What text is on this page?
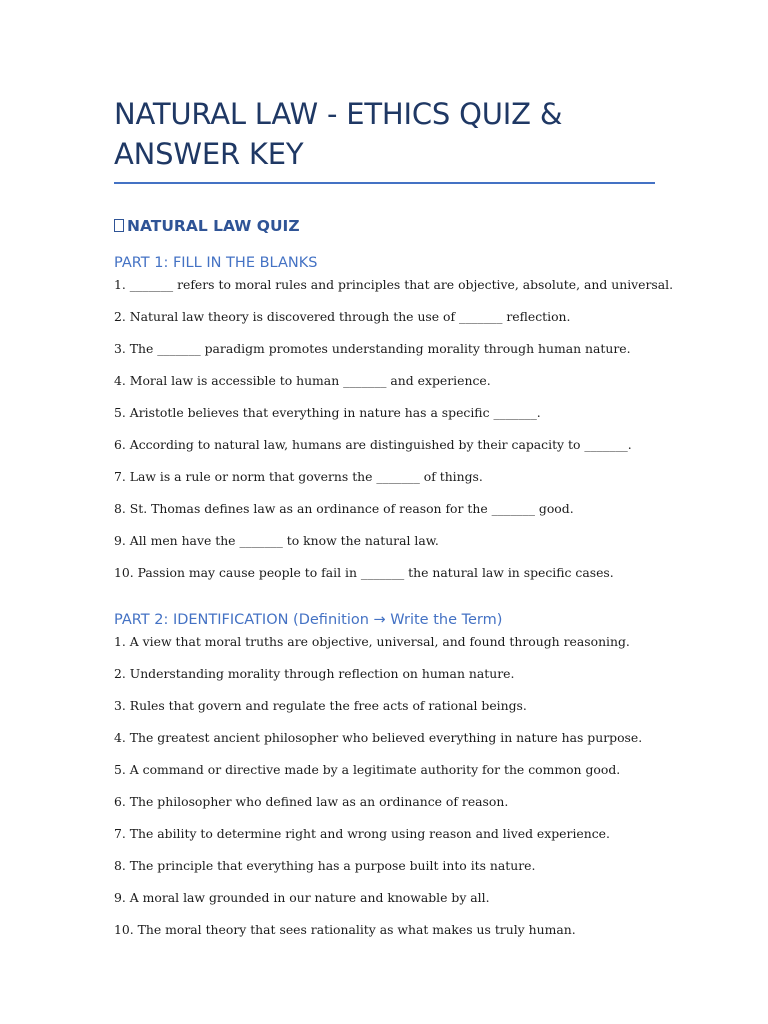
NATURAL LAW - ETHICS QUIZ &
ANSWER KEY
NATURAL LAW QUIZ
PART 1: FILL IN THE BLANKS

1. _______ refers to moral rules and principles that are objective, absolute, and universal.

2. Natural law theory is discovered through the use of _______ reflection.

3. The _______ paradigm promotes understanding morality through human nature.

4. Moral law is accessible to human _______ and experience.

5. Aristotle believes that everything in nature has a specific _______.

6. According to natural law, humans are distinguished by their capacity to _______.

7. Law is a rule or norm that governs the _______ of things.

8. St. Thomas defines law as an ordinance of reason for the _______ good.

9. All men have the _______ to know the natural law.

10. Passion may cause people to fail in _______ the natural law in specific cases.

PART 2: IDENTIFICATION (Definition → Write the Term)

1. A view that moral truths are objective, universal, and found through reasoning.

2. Understanding morality through reflection on human nature.

3. Rules that govern and regulate the free acts of rational beings.

4. The greatest ancient philosopher who believed everything in nature has purpose.

5. A command or directive made by a legitimate authority for the common good.

6. The philosopher who defined law as an ordinance of reason.

7. The ability to determine right and wrong using reason and lived experience.

8. The principle that everything has a purpose built into its nature.

9. A moral law grounded in our nature and knowable by all.

10. The moral theory that sees rationality as what makes us truly human.
